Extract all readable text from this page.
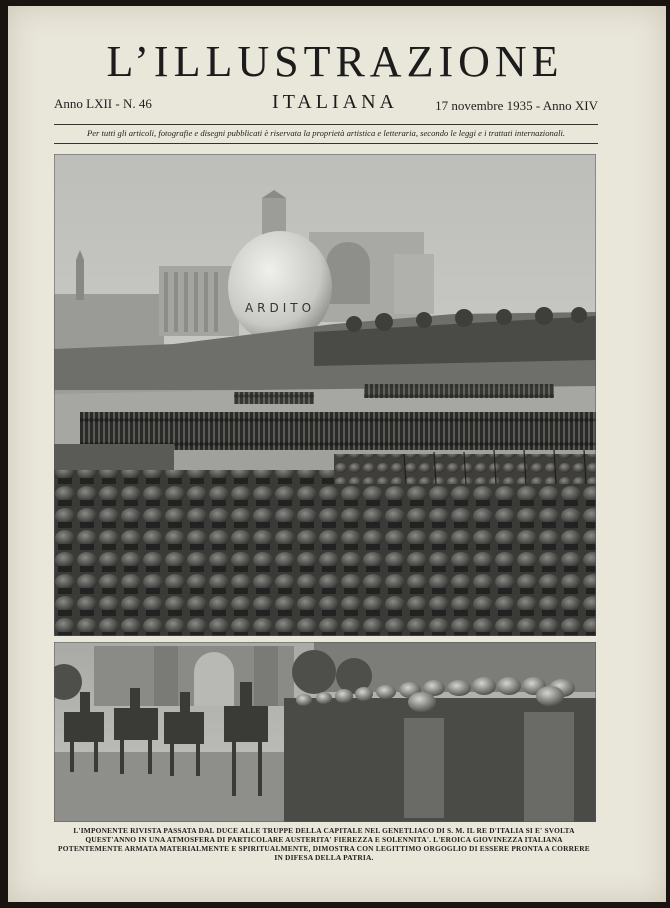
L’ILLUSTRAZIONE
Anno LXII - N. 46	ITALIANA	17 novembre 1935 - Anno XIV
Per tutti gli articoli, fotografie e disegni pubblicati è riservata la proprietà artistica e letteraria, secondo le leggi e i trattati internazionali.
ARDITO
L'IMPONENTE RIVISTA PASSATA DAL DUCE ALLE TRUPPE DELLA CAPITALE NEL GENETLIACO DI S. M. IL RE D'ITALIA SI E' SVOLTA QUEST'ANNO IN UNA ATMOSFERA DI PARTICOLARE AUSTERITA' FIEREZZA E SOLENNITA'. L'EROICA GIOVINEZZA ITALIANA POTENTEMENTE ARMATA MATERIALMENTE E SPIRITUALMENTE, DIMOSTRA CON LEGITTIMO ORGOGLIO DI ESSERE PRONTA A CORRERE IN DIFESA DELLA PATRIA.
